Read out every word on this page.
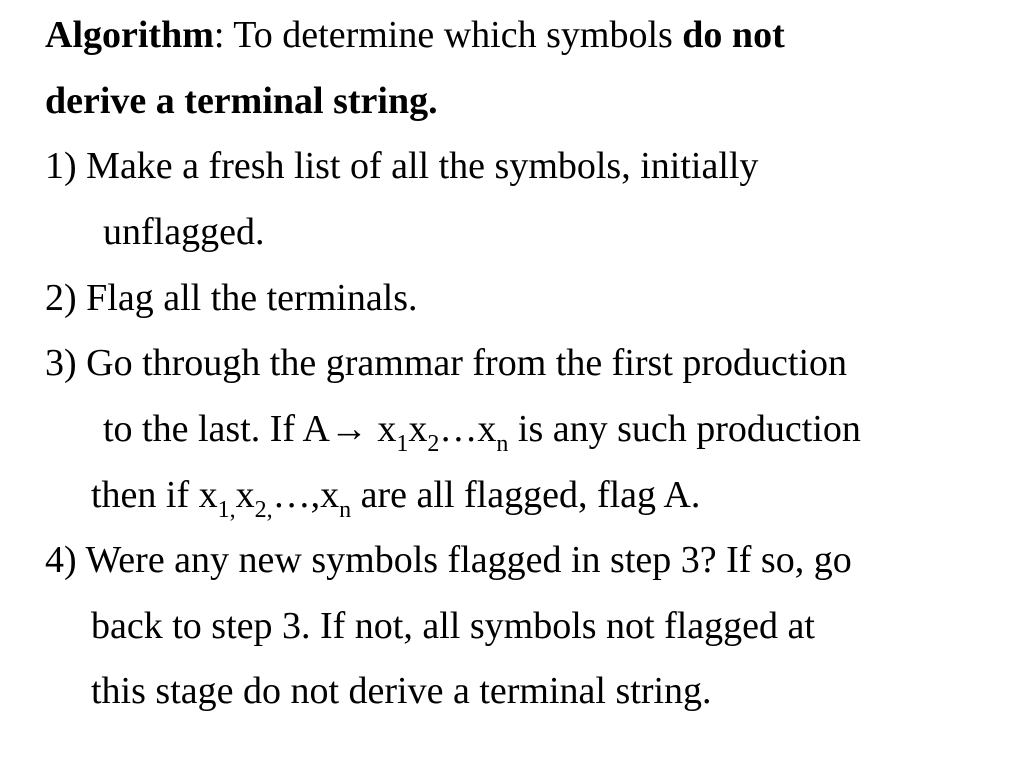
Algorithm: To determine which symbols do not
derive a terminal string.
1) Make a fresh list of all the symbols, initially
unflagged.
2) Flag all the terminals.
3) Go through the grammar from the first production
to the last. If $A\to x_1x_2\dots x_n$ is any such production
then if $x_{1,}x_{2,}\dots,x_n$ are all flagged, flag A.
4) Were any new symbols flagged in step 3? If so, go
back to step 3. If not, all symbols not flagged at
this stage do not derive a terminal string.
